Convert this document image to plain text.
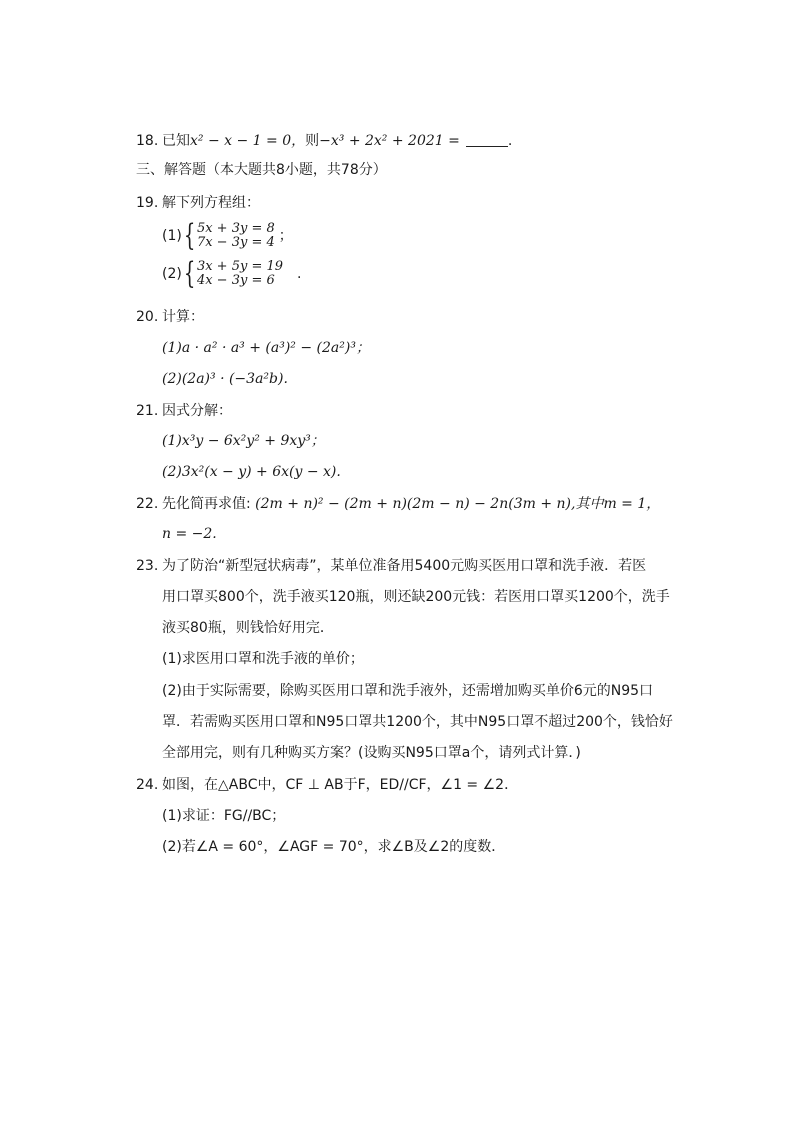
18. 已知x² − x − 1 = 0，则−x³ + 2x² + 2021 =	.
三、解答题（本大题共8小题，共78分）
19. 解下列方程组：
(1){ 5x + 3y = 8
7x − 3y = 4 ；
(2){ 3x + 5y = 19
4x − 3y = 6	.
20. 计算：
(1)a · a² · a³ + (a³)² − (2a²)³；
(2)(2a)³ · (−3a²b).
21. 因式分解：
(1)x³y − 6x²y² + 9xy³；
(2)3x²(x − y) + 6x(y − x).
22. 先化简再求值: (2m + n)² − (2m + n)(2m − n) − 2n(3m + n),其中m = 1，
n = −2.
23. 为了防治“新型冠状病毒”，某单位准备用5400元购买医用口罩和洗手液．若医
用口罩买800个，洗手液买120瓶，则还缺200元钱：若医用口罩买1200个，洗手
液买80瓶，则钱恰好用完．
(1)求医用口罩和洗手液的单价；
(2)由于实际需要，除购买医用口罩和洗手液外，还需增加购买单价6元的N95口
罩．若需购买医用口罩和N95口罩共1200个，其中N95口罩不超过200个，钱恰好
全部用完，则有几种购买方案？(设购买N95口罩a个，请列式计算．)
24. 如图，在△ABC中，CF ⊥ AB于F，ED//CF，∠1 = ∠2．
(1)求证：FG//BC；
(2)若∠A = 60°，∠AGF = 70°，求∠B及∠2的度数．
